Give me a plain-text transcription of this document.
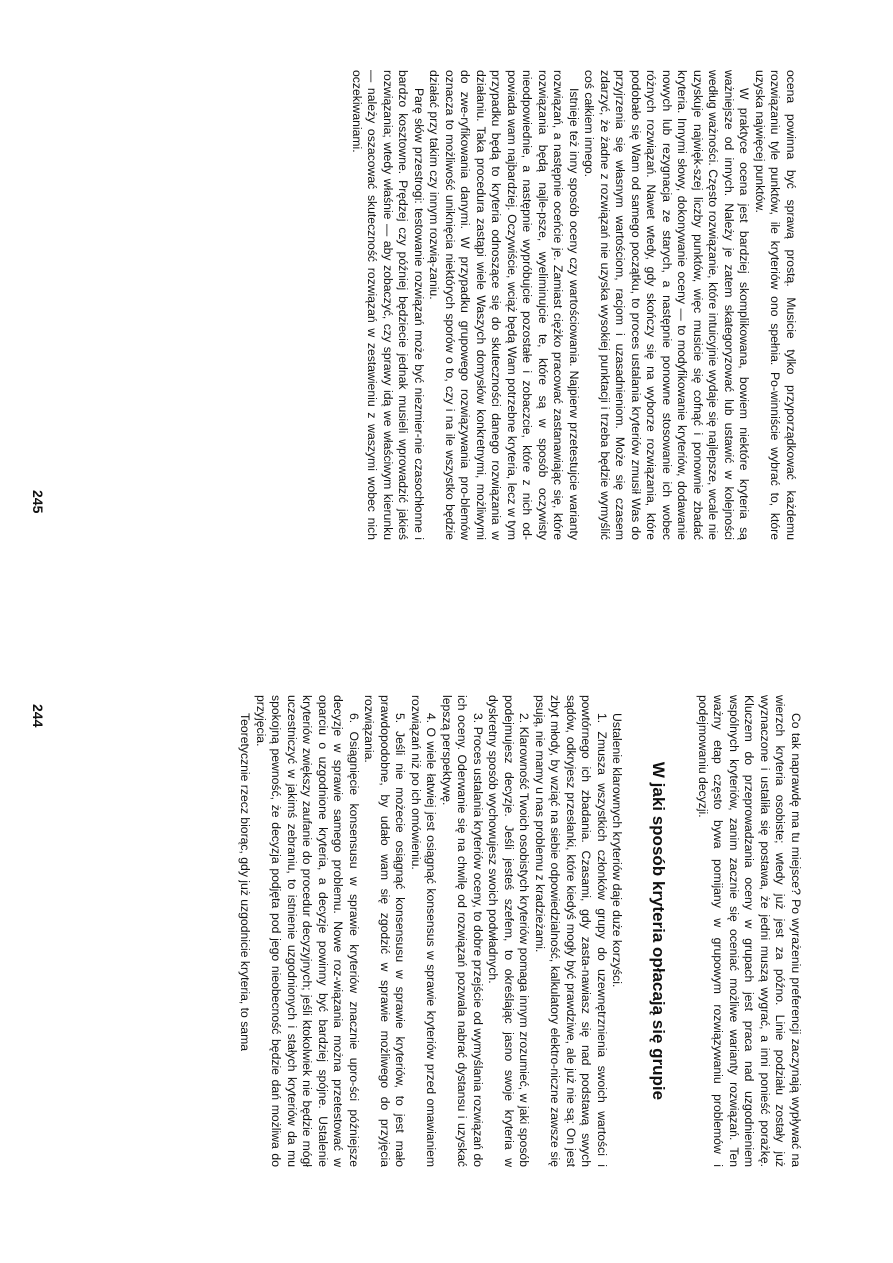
ocena powinna być sprawą prostą. Musicie tylko przyporządkować każdemu rozwiązaniu tyle punktów, ile kryteriów ono spełnia. Po-winniście wybrać to, które uzyska najwięcej punktów.

W praktyce ocena jest bardziej skomplikowana, bowiem niektóre kryteria są ważniejsze od innych. Należy je zatem skategoryzować lub ustawić w kolejności według ważności. Często rozwiązanie, które intuicyjnie wydaje się najlepsze, wcale nie uzyskuje najwięk-szej liczby punktów, więc musicie się cofnąć i ponownie zbadać kryteria. Innymi słowy, dokonywanie oceny — to modyfikowanie kryteriów, dodawanie nowych lub rezygnacja ze starych, a następnie ponowne stosowanie ich wobec różnych rozwiązań. Nawet wtedy, gdy skończy się na wyborze rozwiązania, które podobało się Wam od samego początku, to proces ustalania kryteriów zmusił Was do przyjrzenia się własnym wartościom, racjom i uzasadnieniom. Może się czasem zdarzyć, że żadne z rozwiązań nie uzyska wysokiej punktacji i trzeba będzie wymyślić coś całkiem innego.

Istnieje też inny sposób oceny czy wartościowania. Najpierw przetestujcie warianty rozwiązań, a następnie oceńcie je. Zamiast ciężko pracować zastanawiając się, które rozwiązania będą najle-psze, wyeliminujcie te, które są w sposób oczywisty nieodpowiednie, a następnie wypróbujcie pozostałe i zobaczcie, które z nich od-powiada wam najbardziej. Oczywiście, wciąż będą Wam potrzebne kryteria, lecz w tym przypadku będą to kryteria odnoszące się do skuteczności danego rozwiązania w działaniu. Taka procedura zastąpi wiele Waszych domysłów konkretnymi, możliwymi do zwe-ryfikowania danymi. W przypadku grupowego rozwiązywania pro-blemów oznacza to możliwość uniknięcia niektórych sporów o to, czy i na ile wszystko będzie działać przy takim czy innym rozwią-zaniu.

Parę słów przestrogi: testowanie rozwiązań może być niezmier-nie czasochłonne i bardzo kosztowne. Prędzej czy później będziecie jednak musieli wprowadzić jakieś rozwiązania; wtedy właśnie — aby zobaczyć, czy sprawy idą we właściwym kierunku — należy oszacować skuteczność rozwiązań w zestawieniu z waszymi wobec nich oczekiwaniami.

245

Co tak naprawdę ma tu miejsce? Po wyrażeniu preferencji zaczynają wypływać na wierzch kryteria osobiste; wtedy już jest za późno. Linie podziału zostały już wyznaczone i ustaliła się postawa, że jedni muszą wygrać, a inni ponieść porażkę. Kluczem do przeprowadzania oceny w grupach jest praca nad uzgodnieniem wspólnych kryteriów, zanim zacznie się oceniać możliwe warianty rozwiązań. Ten ważny etap często bywa pomijany w grupowym rozwiązywaniu problemów i podejmowaniu decyzji.

W jaki sposób kryteria opłacają się grupie

Ustalenie klarownych kryteriów daje duże korzyści.

1. Zmusza wszystkich członków grupy do uzewnętrznienia swoich wartości i powtórnego ich zbadania. Czasami, gdy zasta-nawiasz się nad podstawą swych sądów, odkryjesz przesłanki, które kiedyś mogły być prawdziwe, ale już nie są: On jest zbyt młody, by wziąć na siebie odpowiedzialność, kalkulatory elektro-niczne zawsze się psują, nie mamy u nas problemu z kradzieżami.

2. Klarowność Twoich osobistych kryteriów pomaga innym zrozumieć, w jaki sposób podejmujesz decyzje. Jeśli jesteś szefem, to określając jasno swoje kryteria w dyskretny sposób wychowujesz swoich podwładnych.

3. Proces ustalania kryteriów oceny, to dobre przejście od wymyślania rozwiązań do ich oceny. Oderwanie się na chwilę od rozwiązań pozwala nabrać dystansu i uzyskać lepszą perspektywę.

4. O wiele łatwiej jest osiągnąć konsensus w sprawie kryteriów przed omawianiem rozwiązań niż po ich omówieniu.

5. Jeśli nie możecie osiągnąć konsensusu w sprawie kryteriów, to jest mało prawdopodobne, by udało wam się zgodzić w sprawie możliwego do przyjęcia rozwiązania.

6. Osiągnięcie konsensusu w sprawie kryteriów znacznie upro-ści późniejsze decyzje w sprawie samego problemu. Nowe roz-wiązania można przetestować w oparciu o uzgodnione kryteria, a decyzje powinny być bardziej spójne. Ustalenie kryteriów zwiększy zaufanie do procedur decyzyjnych; jeśli ktokolwiek nie będzie mógł uczestniczyć w jakimś zebraniu, to istnienie uzgodnionych i stałych kryteriów da mu spokojną pewność, że decyzja podjęta pod jego nieobecność będzie dań możliwa do przyjęcia.

Teoretycznie rzecz biorąc, gdy już uzgodnicie kryteria, to sama

244
